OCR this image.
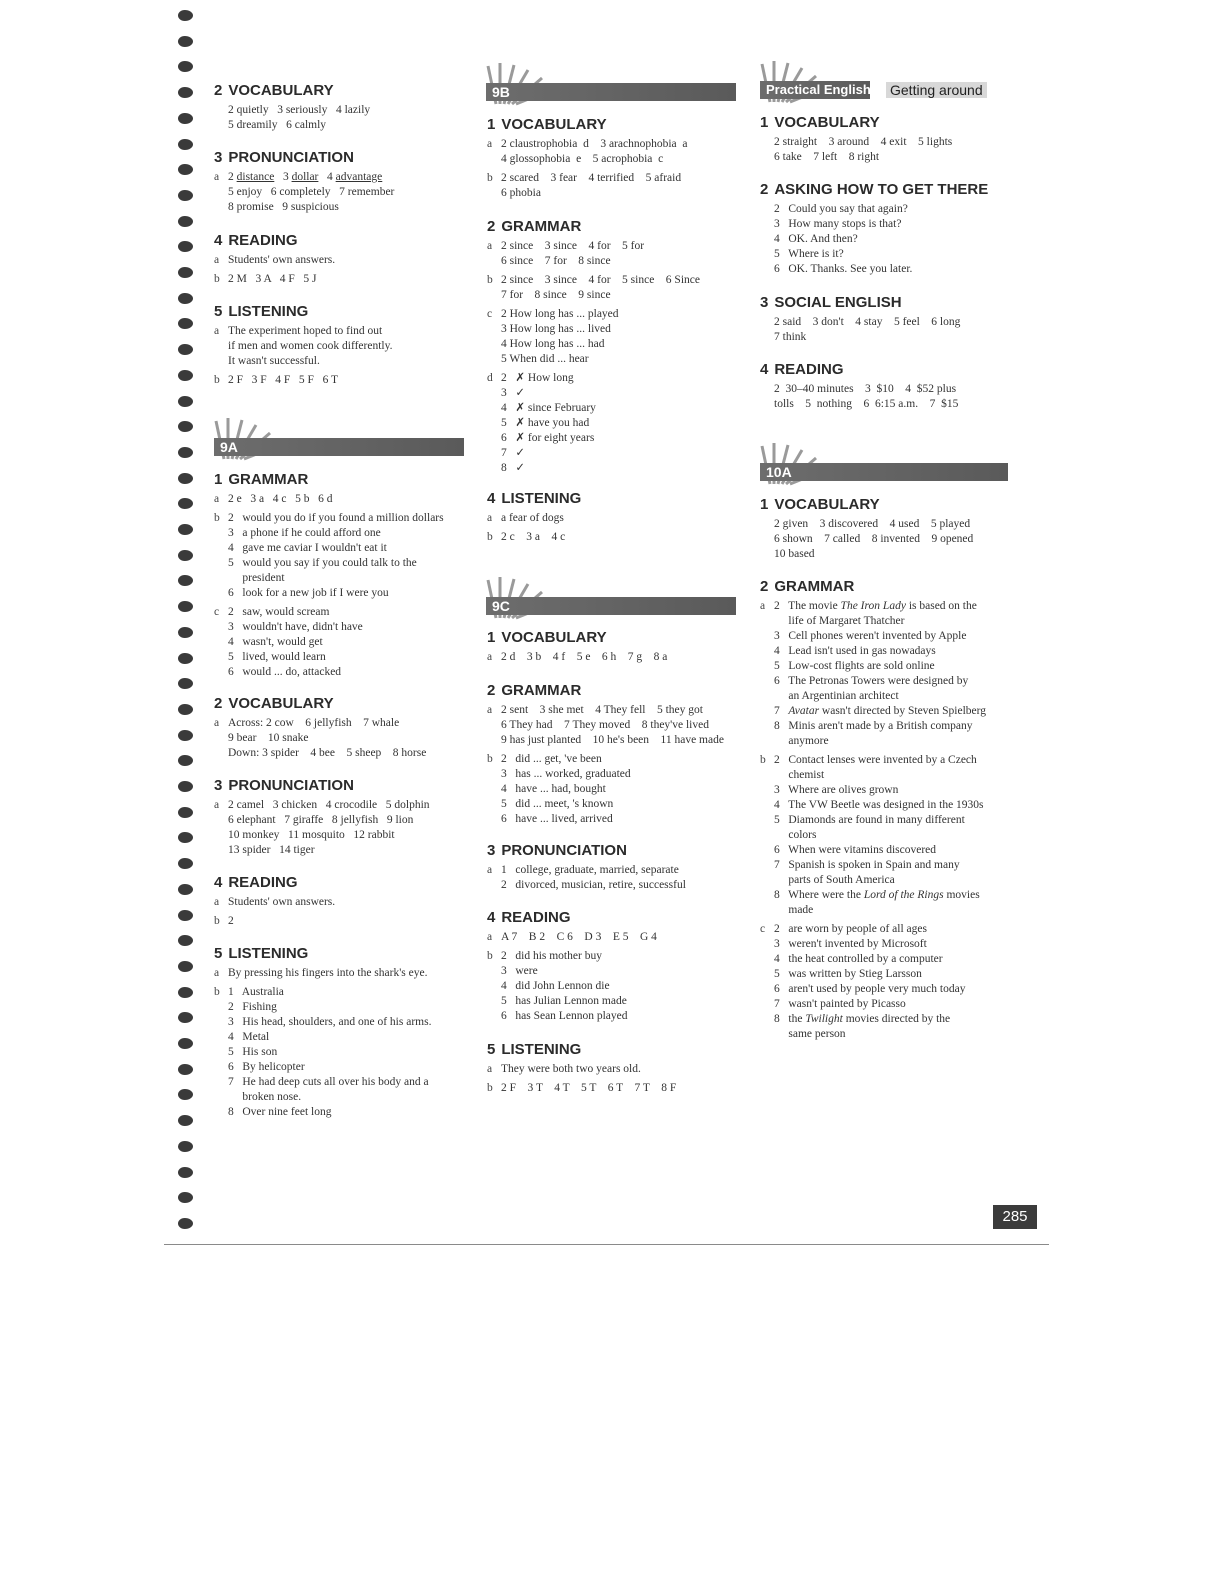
2 VOCABULARY
2 quietly   3 seriously   4 lazily
5 dreamily   6 calmly
3 PRONUNCIATION
a 2 distance   3 dollar   4 advantage
5 enjoy   6 completely   7 remember
8 promise   9 suspicious
4 READING
a Students' own answers.
b 2 M   3 A   4 F   5 J
5 LISTENING
a The experiment hoped to find out
if men and women cook differently.
It wasn't successful.
b 2 F   3 F   4 F   5 F   6 T
9A
1 GRAMMAR
a 2 e   3 a   4 c   5 b   6 d
b 2   would you do if you found a million dollars
3   a phone if he could afford one
4   gave me caviar I wouldn't eat it
5   would you say if you could talk to the
president
6   look for a new job if I were you
c 2   saw, would scream
3   wouldn't have, didn't have
4   wasn't, would get
5   lived, would learn
6   would ... do, attacked
2 VOCABULARY
a Across: 2 cow    6 jellyfish    7 whale
9 bear    10 snake
Down: 3 spider    4 bee    5 sheep    8 horse
3 PRONUNCIATION
a 2 camel   3 chicken   4 crocodile   5 dolphin
6 elephant   7 giraffe   8 jellyfish   9 lion
10 monkey   11 mosquito   12 rabbit
13 spider   14 tiger
4 READING
a Students' own answers.
b 2
5 LISTENING
a By pressing his fingers into the shark's eye.
b 1   Australia
2   Fishing
3   His head, shoulders, and one of his arms.
4   Metal
5   His son
6   By helicopter
7   He had deep cuts all over his body and a
broken nose.
8   Over nine feet long
9B
1 VOCABULARY
a 2 claustrophobia  d    3 arachnophobia  a
4 glossophobia  e    5 acrophobia  c
b 2 scared    3 fear    4 terrified    5 afraid
6 phobia
2 GRAMMAR
a 2 since    3 since    4 for    5 for
6 since    7 for    8 since
b 2 since    3 since    4 for    5 since    6 Since
7 for    8 since    9 since
c 2 How long has ... played
3 How long has ... lived
4 How long has ... had
5 When did ... hear
d 2   ✗ How long
3   ✓
4   ✗ since February
5   ✗ have you had
6   ✗ for eight years
7   ✓
8   ✓
4 LISTENING
a a fear of dogs
b 2 c    3 a    4 c
9C
1 VOCABULARY
a 2 d    3 b    4 f    5 e    6 h    7 g    8 a
2 GRAMMAR
a 2 sent    3 she met    4 They fell    5 they got
6 They had    7 They moved    8 they've lived
9 has just planted    10 he's been    11 have made
b 2   did ... get, 've been
3   has ... worked, graduated
4   have ... had, bought
5   did ... meet, 's known
6   have ... lived, arrived
3 PRONUNCIATION
a 1   college, graduate, married, separate
2   divorced, musician, retire, successful
4 READING
a A 7    B 2    C 6    D 3    E 5    G 4
b 2   did his mother buy
3   were
4   did John Lennon die
5   has Julian Lennon made
6   has Sean Lennon played
5 LISTENING
a They were both two years old.
b 2 F    3 T    4 T    5 T    6 T    7 T    8 F
Practical English Getting around
1 VOCABULARY
2 straight    3 around    4 exit    5 lights
6 take    7 left    8 right
2 ASKING HOW TO GET THERE
2   Could you say that again?
3   How many stops is that?
4   OK. And then?
5   Where is it?
6   OK. Thanks. See you later.
3 SOCIAL ENGLISH
2 said    3 don't    4 stay    5 feel    6 long
7 think
4 READING
2  30–40 minutes    3  $10    4  $52 plus
tolls    5  nothing    6  6:15 a.m.    7  $15
10A
1 VOCABULARY
2 given    3 discovered    4 used    5 played
6 shown    7 called    8 invented    9 opened
10 based
2 GRAMMAR
a 2   The movie The Iron Lady is based on the
life of Margaret Thatcher
3   Cell phones weren't invented by Apple
4   Lead isn't used in gas nowadays
5   Low-cost flights are sold online
6   The Petronas Towers were designed by
an Argentinian architect
7   Avatar wasn't directed by Steven Spielberg
8   Minis aren't made by a British company
anymore
b 2   Contact lenses were invented by a Czech
chemist
3   Where are olives grown
4   The VW Beetle was designed in the 1930s
5   Diamonds are found in many different
colors
6   When were vitamins discovered
7   Spanish is spoken in Spain and many
parts of South America
8   Where were the Lord of the Rings movies
made
c 2   are worn by people of all ages
3   weren't invented by Microsoft
4   the heat controlled by a computer
5   was written by Stieg Larsson
6   aren't used by people very much today
7   wasn't painted by Picasso
8   the Twilight movies directed by the
same person
285
